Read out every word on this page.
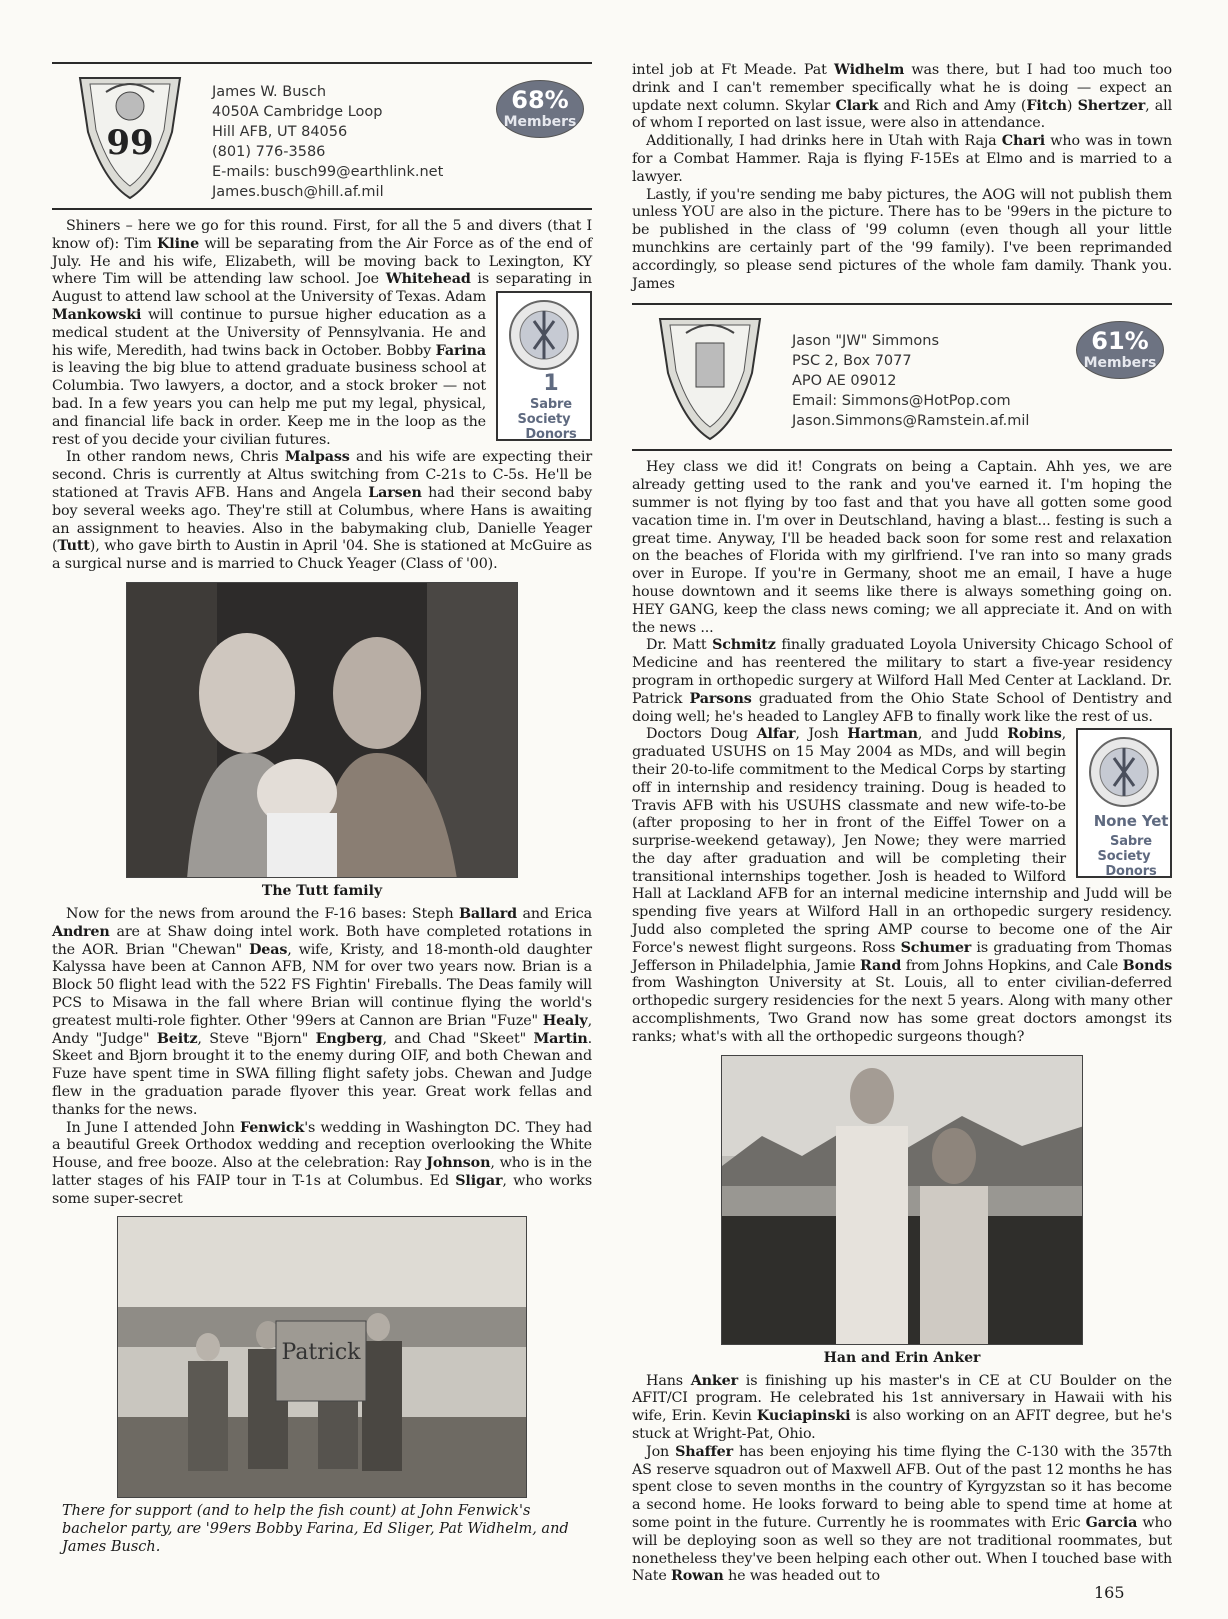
99
James W. Busch
4050A Cambridge Loop
Hill AFB, UT 84056
(801) 776-3586
E-mails: busch99@earthlink.net
James.busch@hill.af.mil
68%
Members

Shiners – here we go for this round. First, for all the 5 and divers (that I know of): Tim Kline will be separating from the Air Force as of the end of July. He and his wife, Elizabeth, will be moving back to Lexington, KY where Tim will be attending law school. Joe Whitehead is separating in August to attend law school at the University of Texas. Adam
1
Sabre Society
Donors
Mankowski will continue to pursue higher education as a medical student at the University of Pennsylvania. He and his wife, Meredith, had twins back in October. Bobby Farina is leaving the big blue to attend graduate business school at Columbia. Two lawyers, a doctor, and a stock broker — not bad. In a few years you can help me put my legal, physical, and financial life back in order. Keep me in the loop as the rest of you decide your civilian futures.

In other random news, Chris Malpass and his wife are expecting their second. Chris is currently at Altus switching from C-21s to C-5s. He'll be stationed at Travis AFB. Hans and Angela Larsen had their second baby boy several weeks ago. They're still at Columbus, where Hans is awaiting an assignment to heavies. Also in the babymaking club, Danielle Yeager (Tutt), who gave birth to Austin in April '04. She is stationed at McGuire as a surgical nurse and is married to Chuck Yeager (Class of '00).

The Tutt family

Now for the news from around the F-16 bases: Steph Ballard and Erica Andren are at Shaw doing intel work. Both have completed rotations in the AOR. Brian "Chewan" Deas, wife, Kristy, and 18-month-old daughter Kalyssa have been at Cannon AFB, NM for over two years now. Brian is a Block 50 flight lead with the 522 FS Fightin' Fireballs. The Deas family will PCS to Misawa in the fall where Brian will continue flying the world's greatest multi-role fighter. Other '99ers at Cannon are Brian "Fuze" Healy, Andy "Judge" Beitz, Steve "Bjorn" Engberg, and Chad "Skeet" Martin. Skeet and Bjorn brought it to the enemy during OIF, and both Chewan and Fuze have spent time in SWA filling flight safety jobs. Chewan and Judge flew in the graduation parade flyover this year. Great work fellas and thanks for the news.

In June I attended John Fenwick's wedding in Washington DC. They had a beautiful Greek Orthodox wedding and reception overlooking the White House, and free booze. Also at the celebration: Ray Johnson, who is in the latter stages of his FAIP tour in T-1s at Columbus. Ed Sligar, who works some super-secret

Patrick
There for support (and to help the fish count) at John Fenwick's bachelor party, are '99ers Bobby Farina, Ed Sliger, Pat Widhelm, and James Busch.

intel job at Ft Meade. Pat Widhelm was there, but I had too much too drink and I can't remember specifically what he is doing — expect an update next column. Skylar Clark and Rich and Amy (Fitch) Shertzer, all of whom I reported on last issue, were also in attendance.

Additionally, I had drinks here in Utah with Raja Chari who was in town for a Combat Hammer. Raja is flying F-15Es at Elmo and is married to a lawyer.

Lastly, if you're sending me baby pictures, the AOG will not publish them unless YOU are also in the picture. There has to be '99ers in the picture to be published in the class of '99 column (even though all your little munchkins are certainly part of the '99 family). I've been reprimanded accordingly, so please send pictures of the whole fam damily. Thank you. James

Jason "JW" Simmons
PSC 2, Box 7077
APO AE 09012
Email: Simmons@HotPop.com
Jason.Simmons@Ramstein.af.mil
61%
Members

Hey class we did it! Congrats on being a Captain. Ahh yes, we are already getting used to the rank and you've earned it. I'm hoping the summer is not flying by too fast and that you have all gotten some good vacation time in. I'm over in Deutschland, having a blast... festing is such a great time. Anyway, I'll be headed back soon for some rest and relaxation on the beaches of Florida with my girlfriend. I've ran into so many grads over in Europe. If you're in Germany, shoot me an email, I have a huge house downtown and it seems like there is always something going on. HEY GANG, keep the class news coming; we all appreciate it. And on with the news ...

Dr. Matt Schmitz finally graduated Loyola University Chicago School of Medicine and has reentered the military to start a five-year residency program in orthopedic surgery at Wilford Hall Med Center at Lackland. Dr. Patrick Parsons graduated from the Ohio State School of Dentistry and doing well; he's headed to Langley AFB to finally work like the rest of us.

None Yet
Sabre Society
Donors
Doctors Doug Alfar, Josh Hartman, and Judd Robins, graduated USUHS on 15 May 2004 as MDs, and will begin their 20-to-life commitment to the Medical Corps by starting off in internship and residency training. Doug is headed to Travis AFB with his USUHS classmate and new wife-to-be (after proposing to her in front of the Eiffel Tower on a surprise-weekend getaway), Jen Nowe; they were married the day after graduation and will be completing their transitional internships together. Josh is headed to Wilford Hall at Lackland AFB for an internal medicine internship and Judd will be spending five years at Wilford Hall in an orthopedic surgery residency. Judd also completed the spring AMP course to become one of the Air Force's newest flight surgeons. Ross Schumer is graduating from Thomas Jefferson in Philadelphia, Jamie Rand from Johns Hopkins, and Cale Bonds from Washington University at St. Louis, all to enter civilian-deferred orthopedic surgery residencies for the next 5 years. Along with many other accomplishments, Two Grand now has some great doctors amongst its ranks; what's with all the orthopedic surgeons though?

Han and Erin Anker

Hans Anker is finishing up his master's in CE at CU Boulder on the AFIT/CI program. He celebrated his 1st anniversary in Hawaii with his wife, Erin. Kevin Kuciapinski is also working on an AFIT degree, but he's stuck at Wright-Pat, Ohio.

Jon Shaffer has been enjoying his time flying the C-130 with the 357th AS reserve squadron out of Maxwell AFB. Out of the past 12 months he has spent close to seven months in the country of Kyrgyzstan so it has become a second home. He looks forward to being able to spend time at home at some point in the future. Currently he is roommates with Eric Garcia who will be deploying soon as well so they are not traditional roommates, but nonetheless they've been helping each other out. When I touched base with Nate Rowan he was headed out to

165
